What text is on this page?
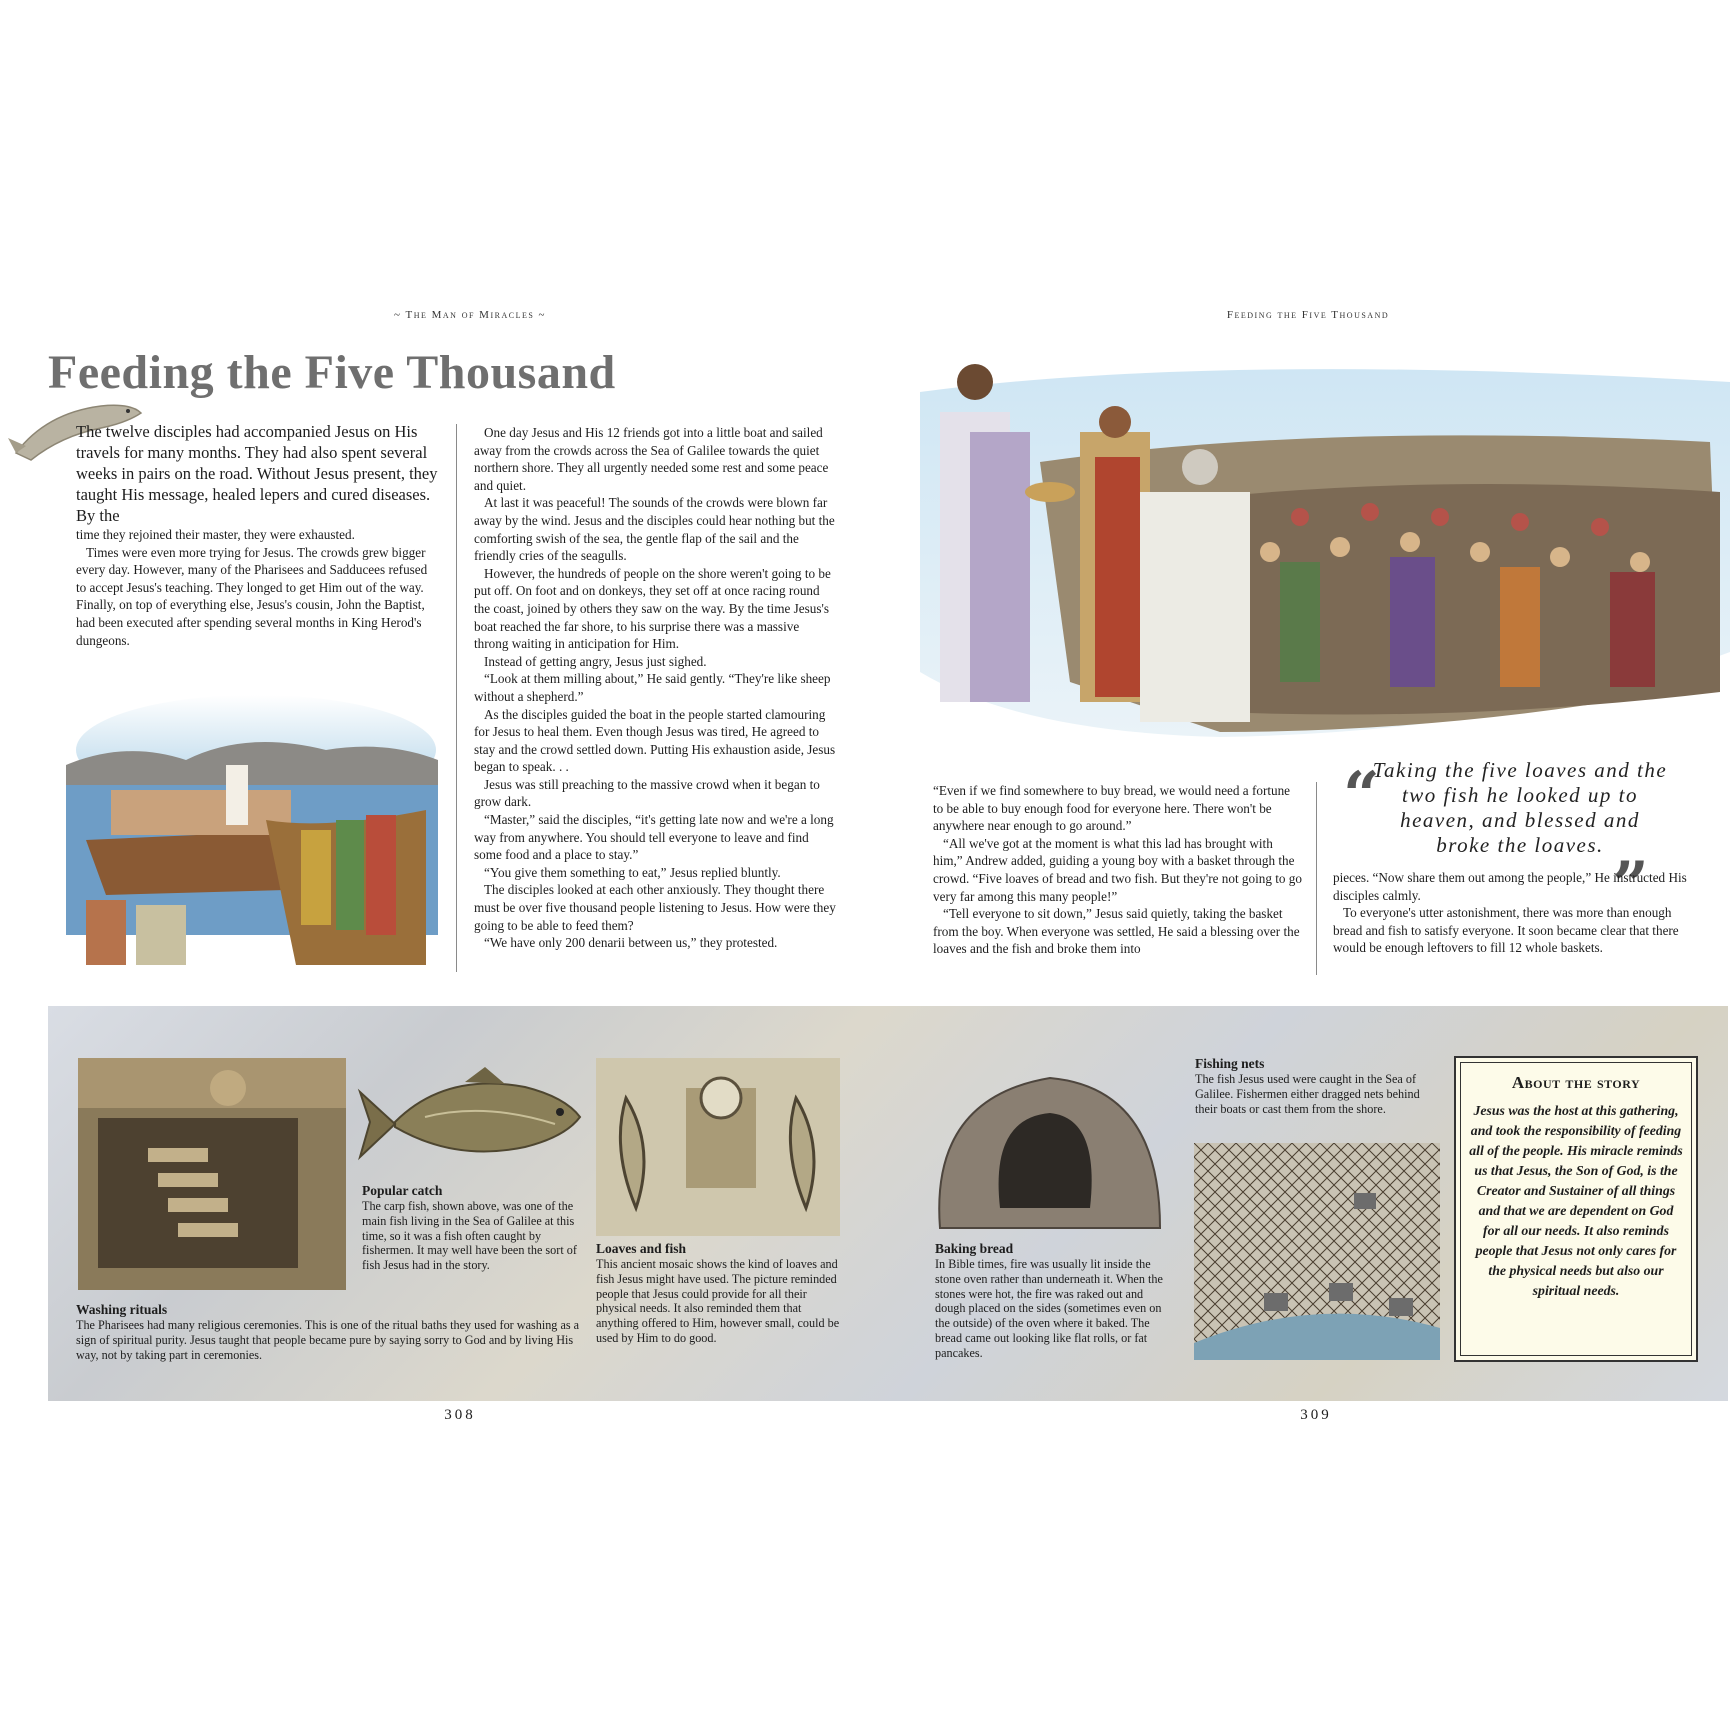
~ The Man of Miracles ~	Feeding the Five Thousand
Feeding the Five Thousand
The twelve disciples had accompanied Jesus on His travels for many months. They had also spent several weeks in pairs on the road. Without Jesus present, they taught His message, healed lepers and cured diseases. By the

time they rejoined their master, they were exhausted.

Times were even more trying for Jesus. The crowds grew bigger every day. However, many of the Pharisees and Sadducees refused to accept Jesus's teaching. They longed to get Him out of the way. Finally, on top of everything else, Jesus's cousin, John the Baptist, had been executed after spending several months in King Herod's dungeons.

One day Jesus and His 12 friends got into a little boat and sailed away from the crowds across the Sea of Galilee towards the quiet northern shore. They all urgently needed some rest and some peace and quiet.

At last it was peaceful! The sounds of the crowds were blown far away by the wind. Jesus and the disciples could hear nothing but the comforting swish of the sea, the gentle flap of the sail and the friendly cries of the seagulls.

However, the hundreds of people on the shore weren't going to be put off. On foot and on donkeys, they set off at once racing round the coast, joined by others they saw on the way. By the time Jesus's boat reached the far shore, to his surprise there was a massive throng waiting in anticipation for Him.

Instead of getting angry, Jesus just sighed.

“Look at them milling about,” He said gently. “They're like sheep without a shepherd.”

As the disciples guided the boat in the people started clamouring for Jesus to heal them. Even though Jesus was tired, He agreed to stay and the crowd settled down. Putting His exhaustion aside, Jesus began to speak. . .

Jesus was still preaching to the massive crowd when it began to grow dark.

“Master,” said the disciples, “it's getting late now and we're a long way from anywhere. You should tell everyone to leave and find some food and a place to stay.”

“You give them something to eat,” Jesus replied bluntly.

The disciples looked at each other anxiously. They thought there must be over five thousand people listening to Jesus. How were they going to be able to feed them?

“We have only 200 denarii between us,” they protested.

“Even if we find somewhere to buy bread, we would need a fortune to be able to buy enough food for everyone here. There won't be anywhere near enough to go around.”

“All we've got at the moment is what this lad has brought with him,” Andrew added, guiding a young boy with a basket through the crowd. “Five loaves of bread and two fish. But they're not going to go very far among this many people!”

“Tell everyone to sit down,” Jesus said quietly, taking the basket from the boy. When everyone was settled, He said a blessing over the loaves and the fish and broke them into

“
Taking the five loaves and the two fish he looked up to heaven, and blessed and broke the loaves.
”

pieces. “Now share them out among the people,” He instructed His disciples calmly.

To everyone's utter astonishment, there was more than enough bread and fish to satisfy everyone. It soon became clear that there would be enough leftovers to fill 12 whole baskets.

Washing rituals
The Pharisees had many religious ceremonies. This is one of the ritual baths they used for washing as a sign of spiritual purity. Jesus taught that people became pure by saying sorry to God and by living His way, not by taking part in ceremonies.
Popular catch
The carp fish, shown above, was one of the main fish living in the Sea of Galilee at this time, so it was a fish often caught by fishermen. It may well have been the sort of fish Jesus had in the story.
Loaves and fish
This ancient mosaic shows the kind of loaves and fish Jesus might have used. The picture reminded people that Jesus could provide for all their physical needs. It also reminded them that anything offered to Him, however small, could be used by Him to do good.
Baking bread
In Bible times, fire was usually lit inside the stone oven rather than underneath it. When the stones were hot, the fire was raked out and dough placed on the sides (sometimes even on the outside) of the oven where it baked. The bread came out looking like flat rolls, or fat pancakes.
Fishing nets
The fish Jesus used were caught in the Sea of Galilee. Fishermen either dragged nets behind their boats or cast them from the shore.
About the story
Jesus was the host at this gathering, and took the responsibility of feeding all of the people. His miracle reminds us that Jesus, the Son of God, is the Creator and Sustainer of all things and that we are dependent on God for all our needs. It also reminds people that Jesus not only cares for the physical needs but also our spiritual needs.
308	309
